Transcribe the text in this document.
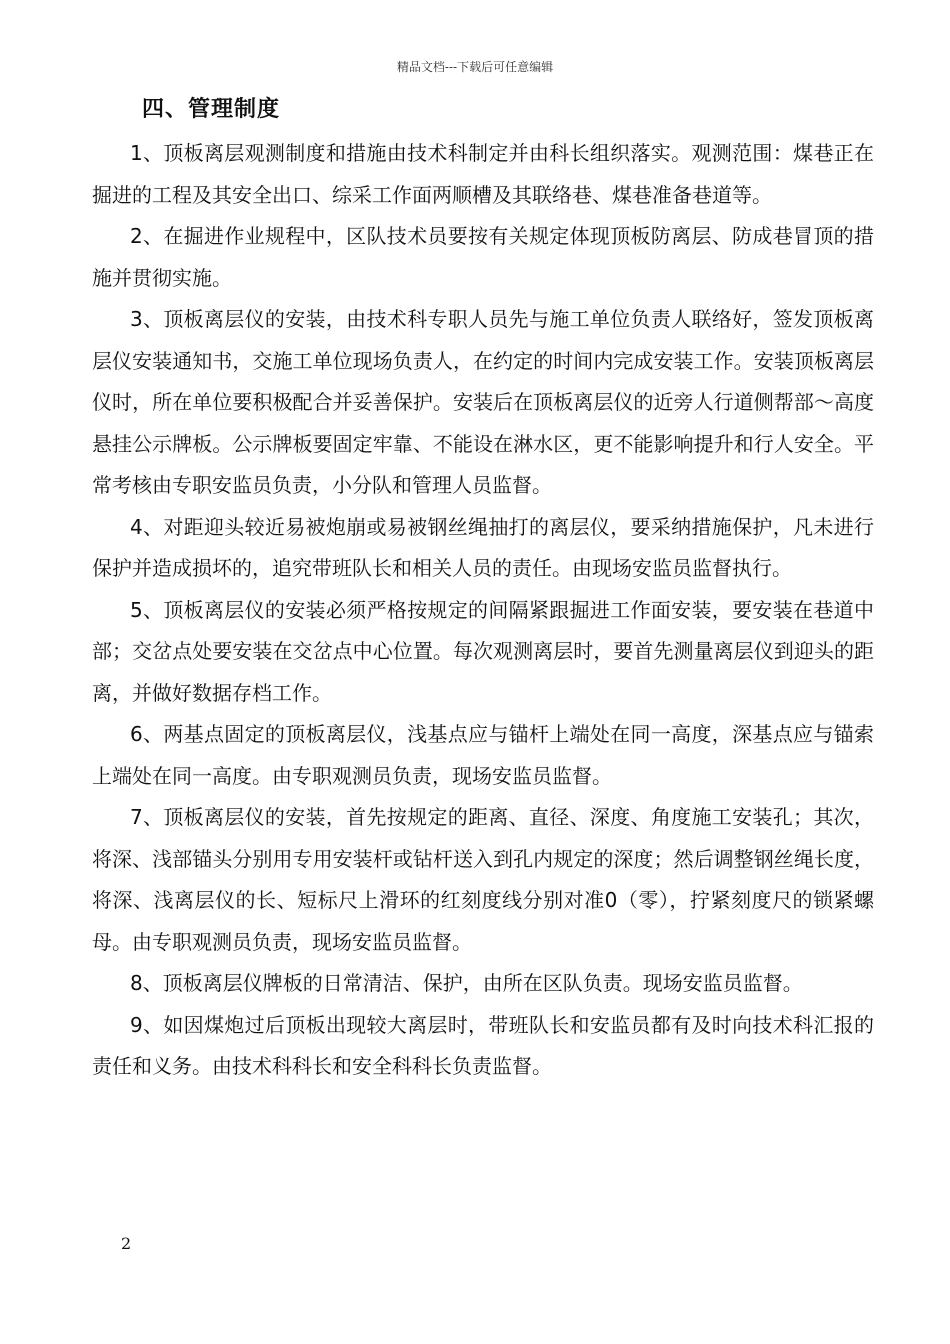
精品文档---下载后可任意编辑
四、管理制度

1、顶板离层观测制度和措施由技术科制定并由科长组织落实。观测范围：煤巷正在掘进的工程及其安全出口、综采工作面两顺槽及其联络巷、煤巷准备巷道等。

2、在掘进作业规程中，区队技术员要按有关规定体现顶板防离层、防成巷冒顶的措施并贯彻实施。

3、顶板离层仪的安装，由技术科专职人员先与施工单位负责人联络好，签发顶板离层仪安装通知书，交施工单位现场负责人，在约定的时间内完成安装工作。安装顶板离层仪时，所在单位要积极配合并妥善保护。安装后在顶板离层仪的近旁人行道侧帮部～高度悬挂公示牌板。公示牌板要固定牢靠、不能设在淋水区，更不能影响提升和行人安全。平常考核由专职安监员负责，小分队和管理人员监督。

4、对距迎头较近易被炮崩或易被钢丝绳抽打的离层仪，要采纳措施保护，凡未进行保护并造成损坏的，追究带班队长和相关人员的责任。由现场安监员监督执行。

5、顶板离层仪的安装必须严格按规定的间隔紧跟掘进工作面安装，要安装在巷道中部；交岔点处要安装在交岔点中心位置。每次观测离层时，要首先测量离层仪到迎头的距离，并做好数据存档工作。

6、两基点固定的顶板离层仪，浅基点应与锚杆上端处在同一高度，深基点应与锚索上端处在同一高度。由专职观测员负责，现场安监员监督。

7、顶板离层仪的安装，首先按规定的距离、直径、深度、角度施工安装孔；其次，将深、浅部锚头分别用专用安装杆或钻杆送入到孔内规定的深度；然后调整钢丝绳长度，将深、浅离层仪的长、短标尺上滑环的红刻度线分别对准0（零），拧紧刻度尺的锁紧螺母。由专职观测员负责，现场安监员监督。

8、顶板离层仪牌板的日常清洁、保护，由所在区队负责。现场安监员监督。

9、如因煤炮过后顶板出现较大离层时，带班队长和安监员都有及时向技术科汇报的责任和义务。由技术科科长和安全科科长负责监督。

2
